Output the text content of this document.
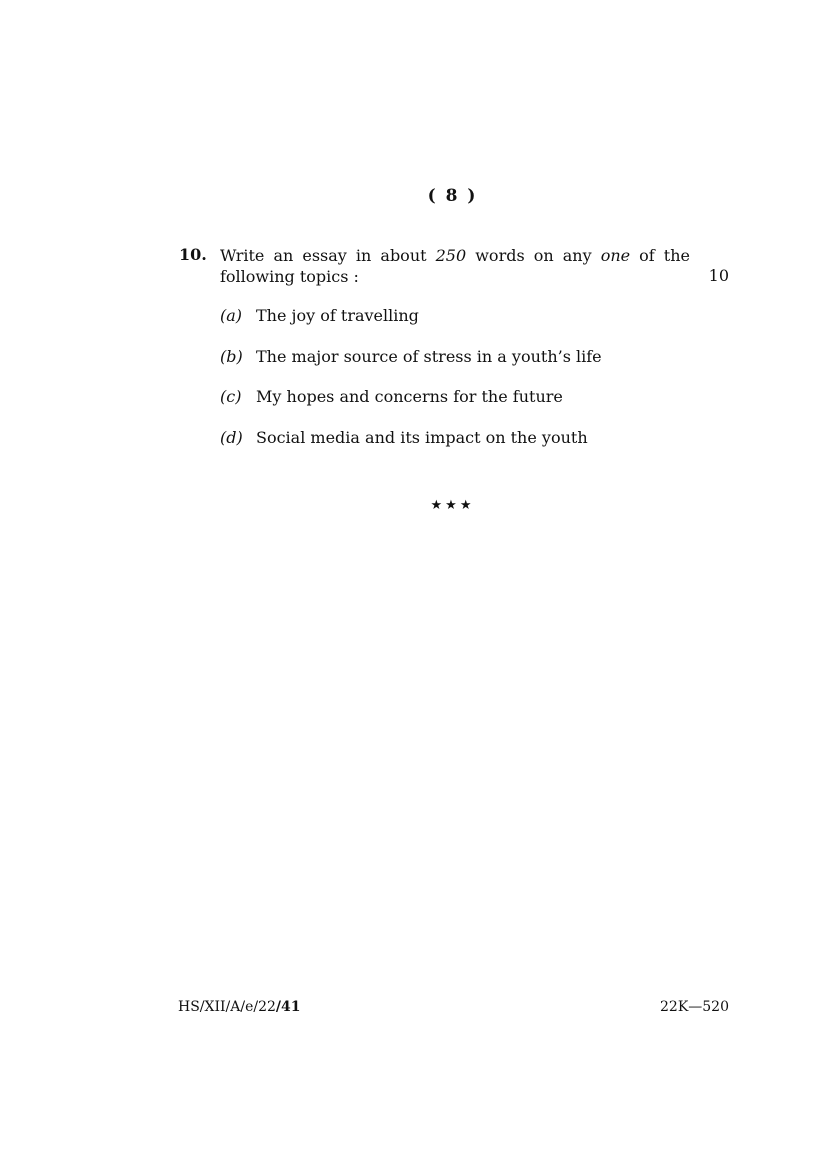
( 8 )
10. Write an essay in about 250 words on any one of the following topics :	10
(a) The joy of travelling
(b) The major source of stress in a youth’s life
(c) My hopes and concerns for the future
(d) Social media and its impact on the youth
★★★
HS/XII/A/e/22/41	22K—520
